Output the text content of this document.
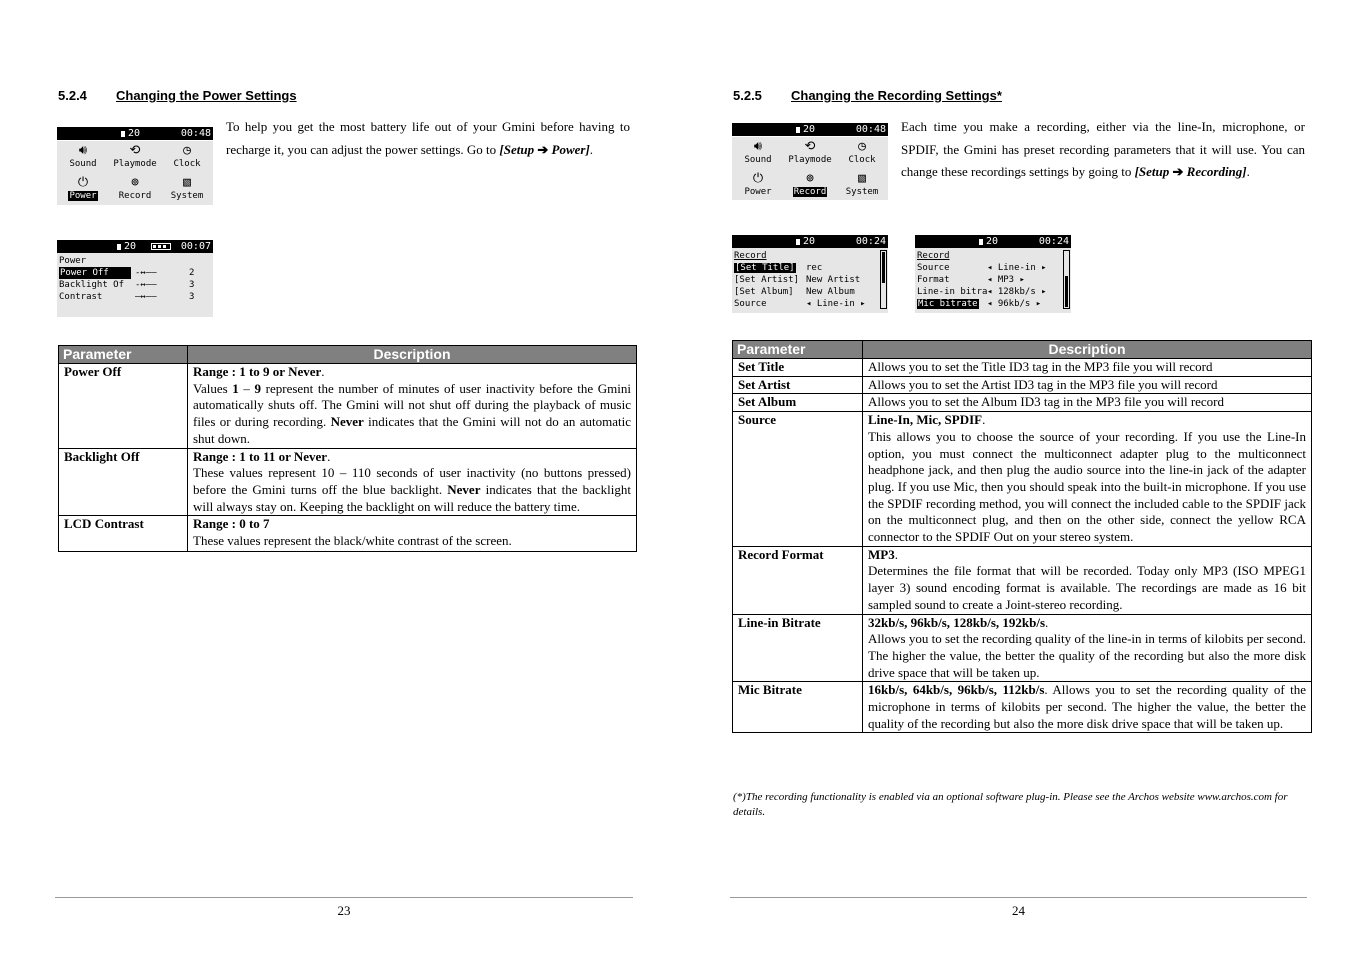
5.2.4 Changing the Power Settings
20	00:48
🔊︎
Sound
⟲
Playmode
◷
Clock
⏻
Power
⊚
Record
▧
System
To help you get the most battery life out of your Gmini before having to recharge it, you can adjust the power settings. Go to [Setup ➔ Power].
20	00:07
Power
Power Off	-↔——	2
Backlight Of -↔——	3
Contrast	—↔——	3
Parameter	Description
Power Off	Range : 1 to 9 or Never.
Values 1 – 9 represent the number of minutes of user inactivity before the Gmini automatically shuts off. The Gmini will not shut off during the playback of music files or during recording. Never indicates that the Gmini will not do an automatic shut down.
Backlight Off	Range : 1 to 11 or Never.
These values represent 10 – 110 seconds of user inactivity (no buttons pressed) before the Gmini turns off the blue backlight. Never indicates that the backlight will always stay on. Keeping the backlight on will reduce the battery time.
LCD Contrast	Range : 0 to 7
These values represent the black/white contrast of the screen.
23
5.2.5 Changing the Recording Settings*
20	00:48
🔊︎
Sound
⟲
Playmode
◷
Clock
⏻
Power
⊚
Record
▧
System
Each time you make a recording, either via the line-In, microphone, or SPDIF, the Gmini has preset recording parameters that it will use. You can change these recordings settings by going to [Setup ➔ Recording].
20	00:24
Record
[Set Title] rec
[Set Artist] New Artist
[Set Album] New Album
Source	◂ Line-in ▸
20	00:24
Record
Source	◂ Line-in ▸
Format	◂ MP3 ▸
Line-in bitra ◂ 128kb/s ▸
Mic bitrate ◂ 96kb/s ▸
Parameter	Description
Set Title	Allows you to set the Title ID3 tag in the MP3 file you will record
Set Artist	Allows you to set the Artist ID3 tag in the MP3 file you will record
Set Album	Allows you to set the Album ID3 tag in the MP3 file you will record
Source	Line-In, Mic, SPDIF.
This allows you to choose the source of your recording. If you use the Line-In option, you must connect the multiconnect adapter plug to the multiconnect headphone jack, and then plug the audio source into the line-in jack of the adapter plug. If you use Mic, then you should speak into the built-in microphone. If you use the SPDIF recording method, you will connect the included cable to the SPDIF jack on the multiconnect plug, and then on the other side, connect the yellow RCA connector to the SPDIF Out on your stereo system.
Record Format	MP3.
Determines the file format that will be recorded. Today only MP3 (ISO MPEG1 layer 3) sound encoding format is available. The recordings are made as 16 bit sampled sound to create a Joint-stereo recording.
Line-in Bitrate	32kb/s, 96kb/s, 128kb/s, 192kb/s.
Allows you to set the recording quality of the line-in in terms of kilobits per second. The higher the value, the better the quality of the recording but also the more disk drive space that will be taken up.
Mic Bitrate	16kb/s, 64kb/s, 96kb/s, 112kb/s. Allows you to set the recording quality of the microphone in terms of kilobits per second. The higher the value, the better the quality of the recording but also the more disk drive space that will be taken up.
(*)The recording functionality is enabled via an optional software plug-in. Please see the Archos website www.archos.com for details.
24
